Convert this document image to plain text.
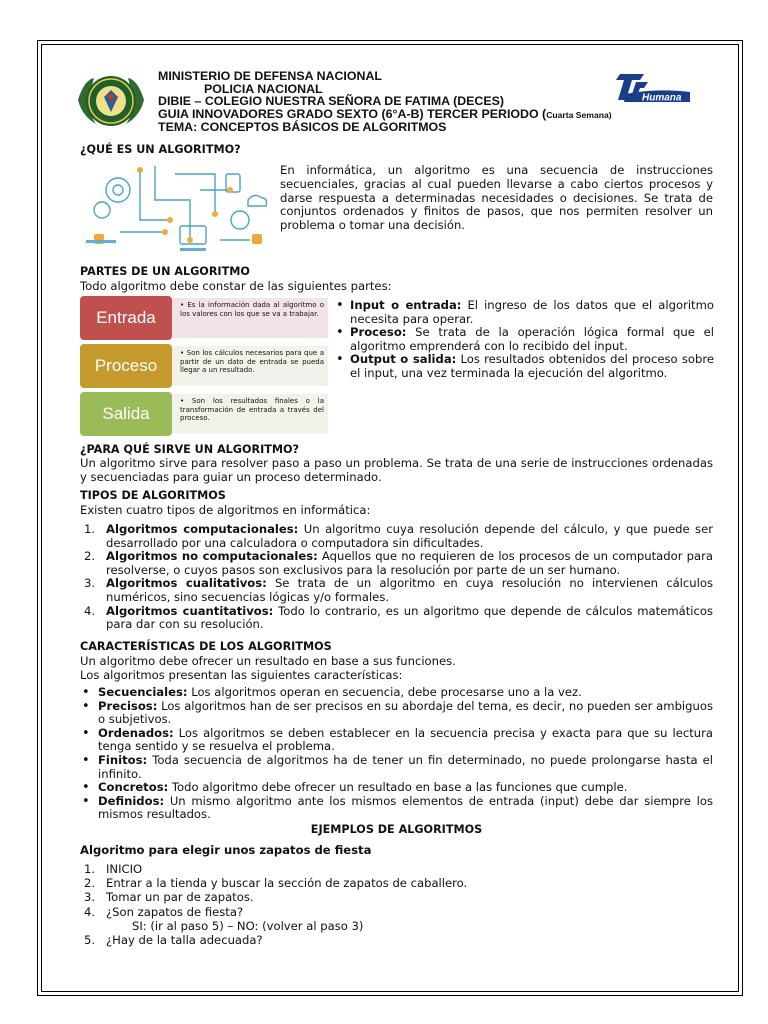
MINISTERIO DE DEFENSA NACIONAL
POLICIA NACIONAL
DIBIE – COLEGIO NUESTRA SEÑORA DE FATIMA (DECES)
GUIA INNOVADORES GRADO SEXTO (6°A-B) TERCER PERIODO (Cuarta Semana)
TEMA: CONCEPTOS BÁSICOS DE ALGORITMOS
Humana
¿QUÉ ES UN ALGORITMO?

En informática, un algoritmo es una secuencia de instrucciones secuenciales, gracias al cual pueden llevarse a cabo ciertos procesos y darse respuesta a determinadas necesidades o decisiones. Se trata de conjuntos ordenados y finitos de pasos, que nos permiten resolver un problema o tomar una decisión.

PARTES DE UN ALGORITMO

Todo algoritmo debe constar de las siguientes partes:

Entrada
• Es la información dada al algoritmo o los valores con los que se va a trabajar.
Proceso
• Son los cálculos necesarios para que a partir de un dato de entrada se pueda llegar a un resultado.
Salida
• Son los resultados finales o la transformación de entrada a través del proceso.
• Input o entrada: El ingreso de los datos que el algoritmo necesita para operar.
• Proceso: Se trata de la operación lógica formal que el algoritmo emprenderá con lo recibido del input.
• Output o salida: Los resultados obtenidos del proceso sobre el input, una vez terminada la ejecución del algoritmo.
¿PARA QUÉ SIRVE UN ALGORITMO?

Un algoritmo sirve para resolver paso a paso un problema. Se trata de una serie de instrucciones ordenadas y secuenciadas para guiar un proceso determinado.

TIPOS DE ALGORITMOS

Existen cuatro tipos de algoritmos en informática:

1. Algoritmos computacionales: Un algoritmo cuya resolución depende del cálculo, y que puede ser desarrollado por una calculadora o computadora sin dificultades.
2. Algoritmos no computacionales: Aquellos que no requieren de los procesos de un computador para resolverse, o cuyos pasos son exclusivos para la resolución por parte de un ser humano.
3. Algoritmos cualitativos: Se trata de un algoritmo en cuya resolución no intervienen cálculos numéricos, sino secuencias lógicas y/o formales.
4. Algoritmos cuantitativos: Todo lo contrario, es un algoritmo que depende de cálculos matemáticos para dar con su resolución.
CARACTERÍSTICAS DE LOS ALGORITMOS

Un algoritmo debe ofrecer un resultado en base a sus funciones.

Los algoritmos presentan las siguientes características:

• Secuenciales: Los algoritmos operan en secuencia, debe procesarse uno a la vez.
• Precisos: Los algoritmos han de ser precisos en su abordaje del tema, es decir, no pueden ser ambiguos o subjetivos.
• Ordenados: Los algoritmos se deben establecer en la secuencia precisa y exacta para que su lectura tenga sentido y se resuelva el problema.
• Finitos: Toda secuencia de algoritmos ha de tener un fin determinado, no puede prolongarse hasta el infinito.
• Concretos: Todo algoritmo debe ofrecer un resultado en base a las funciones que cumple.
• Definidos: Un mismo algoritmo ante los mismos elementos de entrada (input) debe dar siempre los mismos resultados.
EJEMPLOS DE ALGORITMOS
Algoritmo para elegir unos zapatos de fiesta
1. INICIO
2. Entrar a la tienda y buscar la sección de zapatos de caballero.
3. Tomar un par de zapatos.
4. ¿Son zapatos de fiesta?
SI: (ir al paso 5) – NO: (volver al paso 3)
5. ¿Hay de la talla adecuada?
